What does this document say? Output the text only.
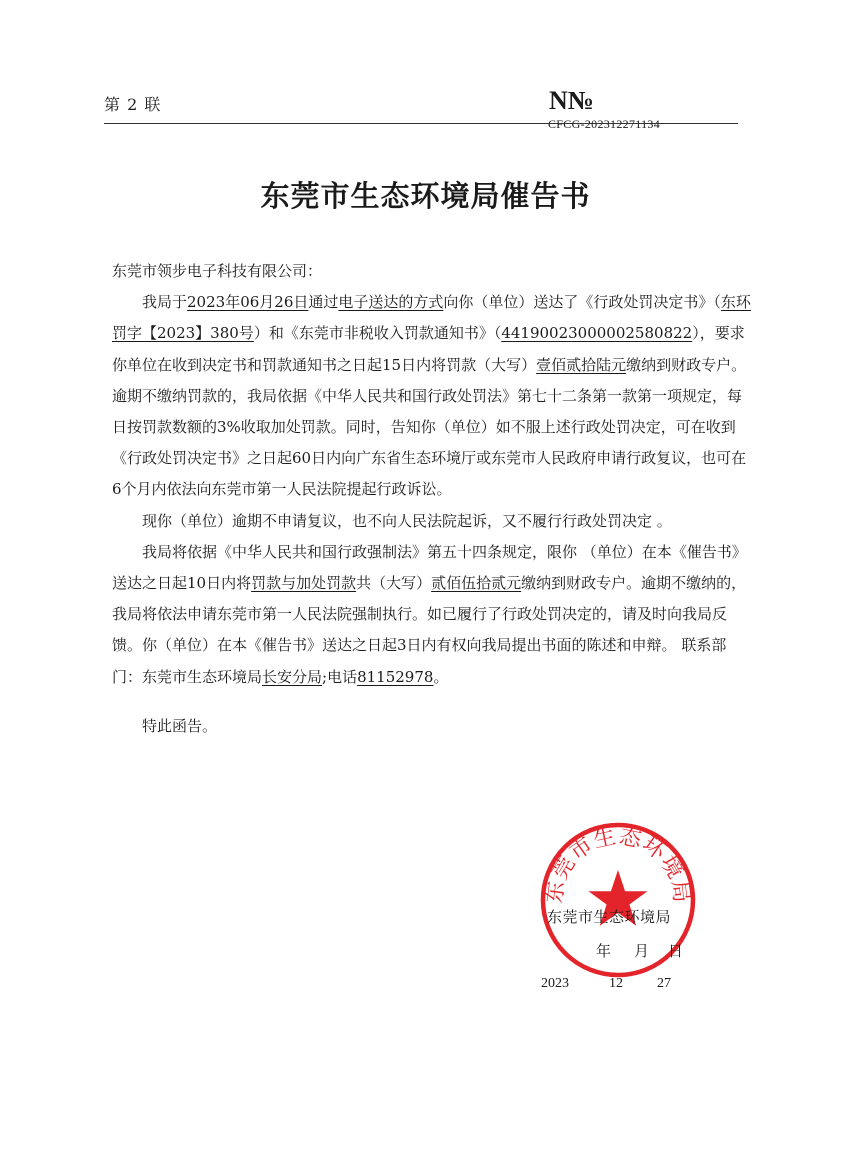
第 2 联	N№
CFCG-202312271134
东莞市生态环境局催告书

东莞市领步电子科技有限公司：

我局于2023年06月26日通过电子送达的方式向你（单位）送达了《行政处罚决定书》（东环罚字【2023】380号）和《东莞市非税收入罚款通知书》（44190023000002580822），要求你单位在收到决定书和罚款通知书之日起15日内将罚款（大写）壹佰贰拾陆元缴纳到财政专户。逾期不缴纳罚款的，我局依据《中华人民共和国行政处罚法》第七十二条第一款第一项规定，每日按罚款数额的3%收取加处罚款。同时，告知你（单位）如不服上述行政处罚决定，可在收到《行政处罚决定书》之日起60日内向广东省生态环境厅或东莞市人民政府申请行政复议，也可在6个月内依法向东莞市第一人民法院提起行政诉讼。

现你（单位）逾期不申请复议，也不向人民法院起诉，又不履行行政处罚决定 。

我局将依据《中华人民共和国行政强制法》第五十四条规定，限你 （单位）在本《催告书》送达之日起10日内将罚款与加处罚款共（大写）贰佰伍拾贰元缴纳到财政专户。逾期不缴纳的，我局将依法申请东莞市第一人民法院强制执行。如已履行了行政处罚决定的，请及时向我局反馈。你（单位）在本《催告书》送达之日起3日内有权向我局提出书面的陈述和申辩。 联系部门：东莞市生态环境局长安分局;电话81152978。

特此函告。

东莞市生态环境局
东莞市生态环境局
年 月 日
2023	12 27
